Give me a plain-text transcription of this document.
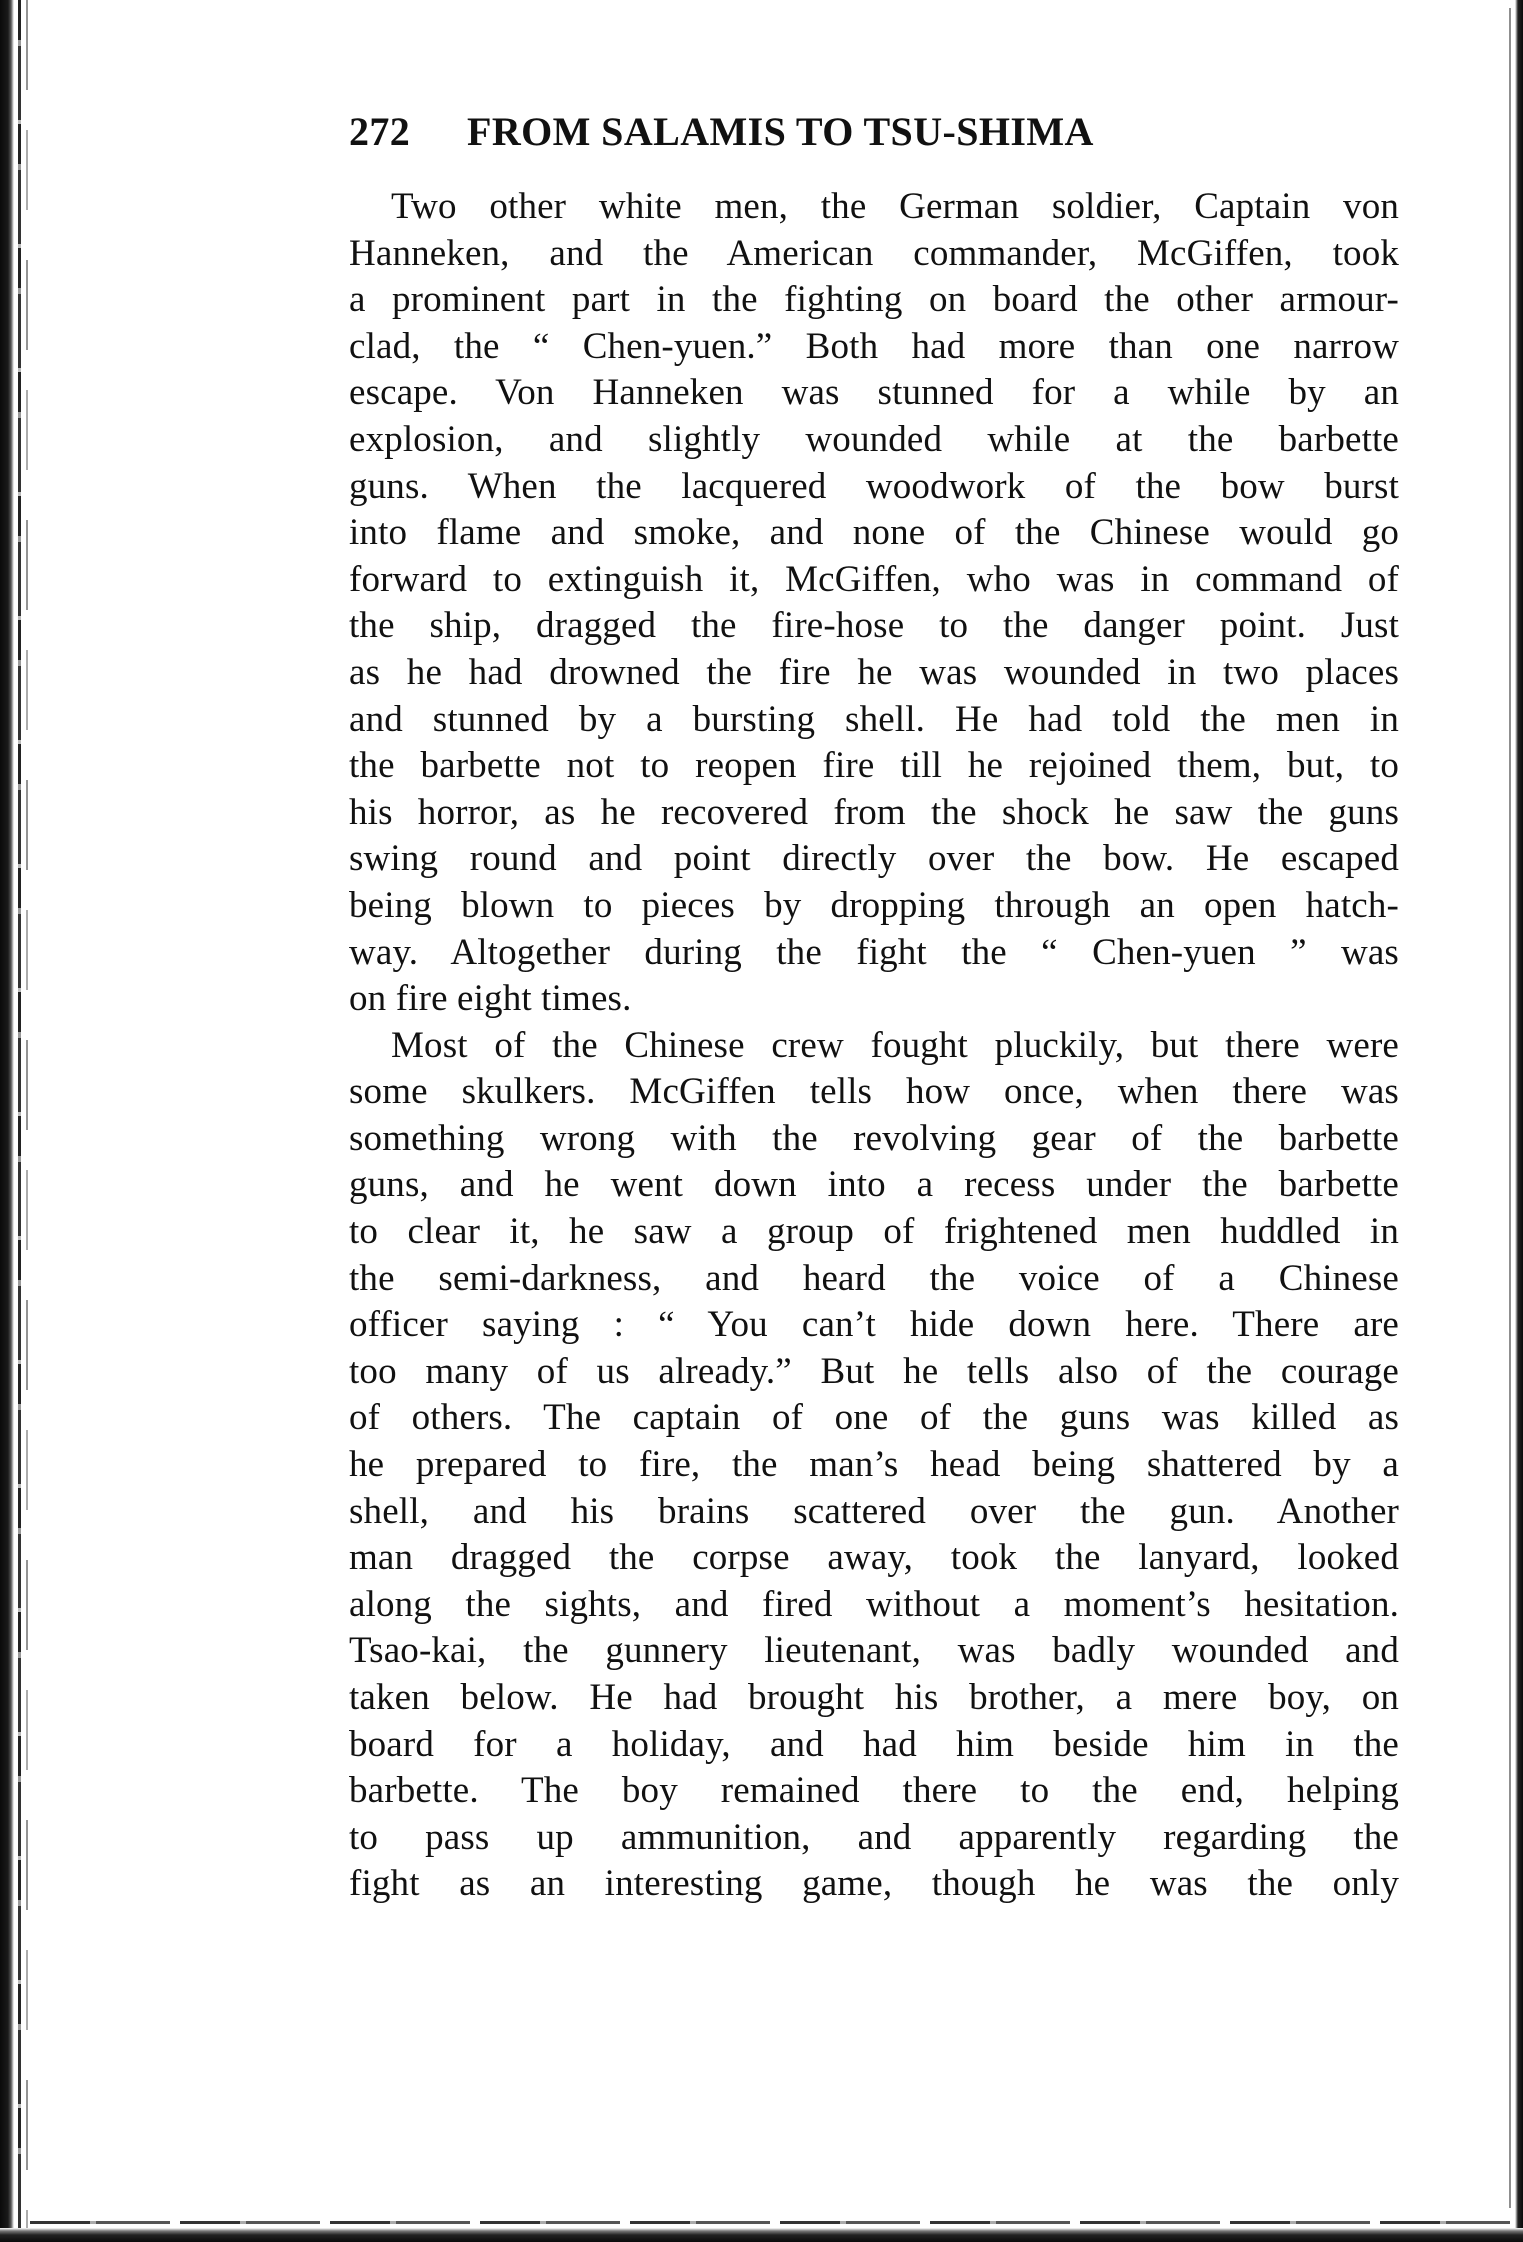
272	FROM SALAMIS TO TSU-SHIMA
Two other white men, the German soldier, Captain von
Hanneken, and the American commander, McGiffen, took
a prominent part in the fighting on board the other armour-
clad, the “ Chen-yuen.” Both had more than one narrow
escape. Von Hanneken was stunned for a while by an
explosion, and slightly wounded while at the barbette
guns. When the lacquered woodwork of the bow burst
into flame and smoke, and none of the Chinese would go
forward to extinguish it, McGiffen, who was in command of
the ship, dragged the fire-hose to the danger point. Just
as he had drowned the fire he was wounded in two places
and stunned by a bursting shell. He had told the men in
the barbette not to reopen fire till he rejoined them, but, to
his horror, as he recovered from the shock he saw the guns
swing round and point directly over the bow. He escaped
being blown to pieces by dropping through an open hatch-
way. Altogether during the fight the “ Chen-yuen ” was
on fire eight times.
Most of the Chinese crew fought pluckily, but there were
some skulkers. McGiffen tells how once, when there was
something wrong with the revolving gear of the barbette
guns, and he went down into a recess under the barbette
to clear it, he saw a group of frightened men huddled in
the semi-darkness, and heard the voice of a Chinese
officer saying : “ You can’t hide down here. There are
too many of us already.” But he tells also of the courage
of others. The captain of one of the guns was killed as
he prepared to fire, the man’s head being shattered by a
shell, and his brains scattered over the gun. Another
man dragged the corpse away, took the lanyard, looked
along the sights, and fired without a moment’s hesitation.
Tsao-kai, the gunnery lieutenant, was badly wounded and
taken below. He had brought his brother, a mere boy, on
board for a holiday, and had him beside him in the
barbette. The boy remained there to the end, helping
to pass up ammunition, and apparently regarding the
fight as an interesting game, though he was the only
